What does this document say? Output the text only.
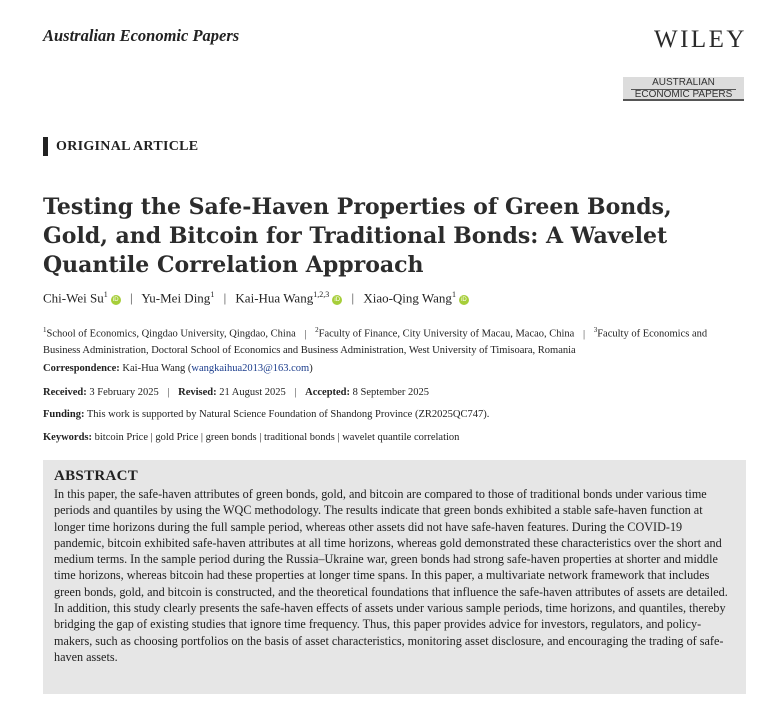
Australian Economic Papers	WILEY
AUSTRALIAN
ECONOMIC PAPERS
ORIGINAL ARTICLE
Testing the Safe-Haven Properties of Green Bonds, Gold, and Bitcoin for Traditional Bonds: A Wavelet Quantile Correlation Approach
Chi-Wei Su$^1$iD | Yu-Mei Ding$^1$ | Kai-Hua Wang$^{1,2,3}$iD | Xiao-Qing Wang$^1$iD
$^1$School of Economics, Qingdao University, Qingdao, China | $^2$Faculty of Finance, City University of Macau, Macao, China | $^3$Faculty of Economics and Business Administration, Doctoral School of Economics and Business Administration, West University of Timisoara, Romania
Correspondence: Kai-Hua Wang (wangkaihua2013@163.com)
Received: 3 February 2025 | Revised: 21 August 2025 | Accepted: 8 September 2025
Funding: This work is supported by Natural Science Foundation of Shandong Province (ZR2025QC747).
Keywords: bitcoin Price | gold Price | green bonds | traditional bonds | wavelet quantile correlation
ABSTRACT

In this paper, the safe-haven attributes of green bonds, gold, and bitcoin are compared to those of traditional bonds under various time periods and quantiles by using the WQC methodology. The results indicate that green bonds exhibited a stable safe-haven function at longer time horizons during the full sample period, whereas other assets did not have safe-haven features. During the COVID-19 pandemic, bitcoin exhibited safe-haven attributes at all time horizons, whereas gold demonstrated these characteristics over the short and medium terms. In the sample period during the Russia–Ukraine war, green bonds had strong safe-haven properties at shorter and middle time horizons, whereas bitcoin had these properties at longer time spans. In this paper, a multivariate network framework that includes green bonds, gold, and bitcoin is constructed, and the theoretical foundations that influence the safe-haven attributes of assets are detailed. In addition, this study clearly presents the safe-haven effects of assets under various sample periods, time horizons, and quantiles, thereby bridging the gap of existing studies that ignore time frequency. Thus, this paper provides advice for investors, regulators, and policy-makers, such as choosing portfolios on the basis of asset characteristics, monitoring asset disclosure, and encouraging the trading of safe-haven assets.
